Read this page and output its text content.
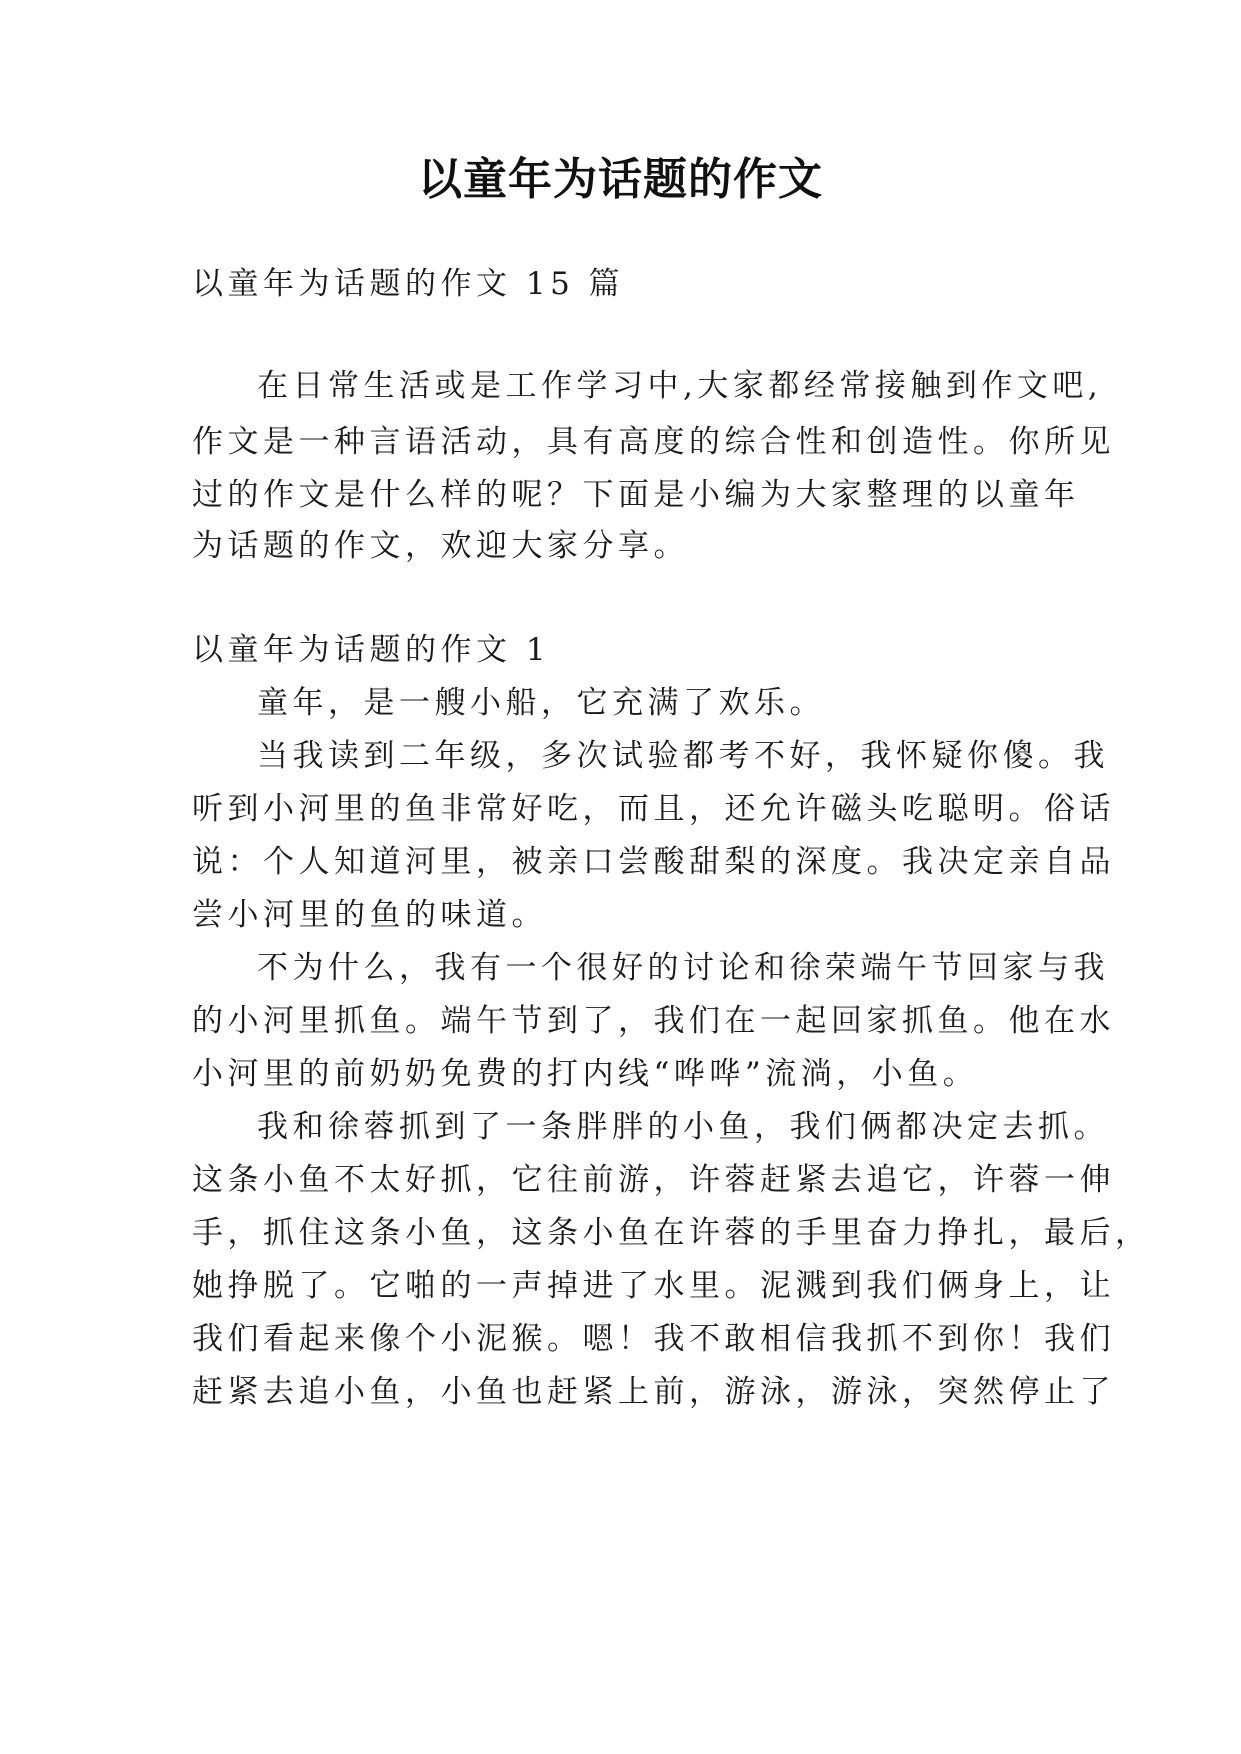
以童年为话题的作文
以童年为话题的作文 15 篇
在日常生活或是工作学习中,大家都经常接触到作文吧,
作文是一种言语活动，具有高度的综合性和创造性。你所见
过的作文是什么样的呢？下面是小编为大家整理的以童年
为话题的作文，欢迎大家分享。
以童年为话题的作文 1
童年，是一艘小船，它充满了欢乐。
当我读到二年级，多次试验都考不好，我怀疑你傻。我
听到小河里的鱼非常好吃，而且，还允许磁头吃聪明。俗话
说：个人知道河里，被亲口尝酸甜梨的深度。我决定亲自品
尝小河里的鱼的味道。
不为什么，我有一个很好的讨论和徐荣端午节回家与我
的小河里抓鱼。端午节到了，我们在一起回家抓鱼。他在水
小河里的前奶奶免费的打内线“哗哗”流淌，小鱼。
我和徐蓉抓到了一条胖胖的小鱼，我们俩都决定去抓。
这条小鱼不太好抓，它往前游，许蓉赶紧去追它，许蓉一伸
手，抓住这条小鱼，这条小鱼在许蓉的手里奋力挣扎，最后，
她挣脱了。它啪的一声掉进了水里。泥溅到我们俩身上，让
我们看起来像个小泥猴。嗯！我不敢相信我抓不到你！我们
赶紧去追小鱼，小鱼也赶紧上前，游泳，游泳，突然停止了
